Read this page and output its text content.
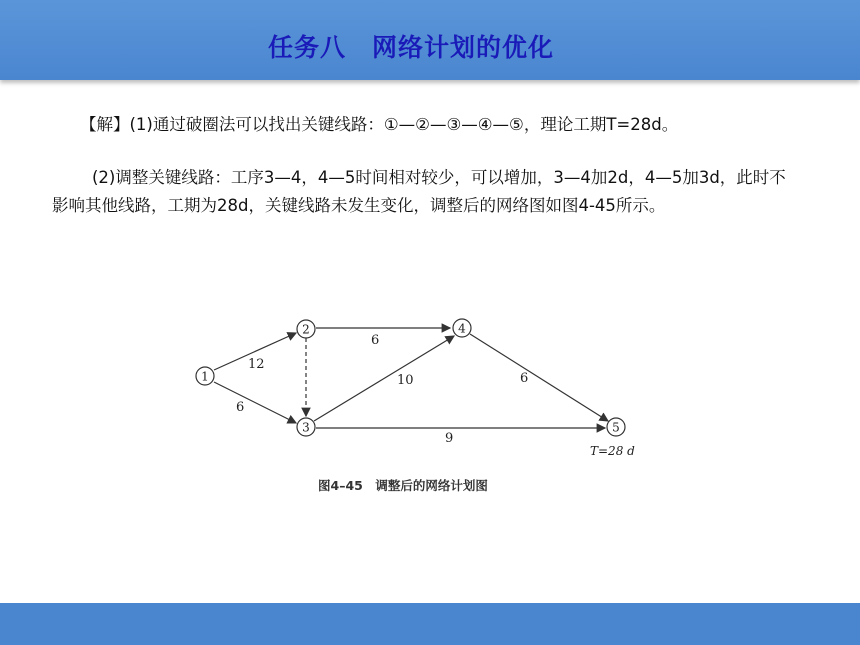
任务八　网络计划的优化
【解】(1)通过破圈法可以找出关键线路：①—②—③—④—⑤，理论工期T=28d。
(2)调整关键线路：工序3—4，4—5时间相对较少，可以增加，3—4加2d，4—5加3d，此时不影响其他线路，工期为28d，关键线路未发生变化，调整后的网络图如图4-45所示。
12
6
6
10
9
6
1
2
3
4
5
T=28 d
图4–45　调整后的网络计划图
